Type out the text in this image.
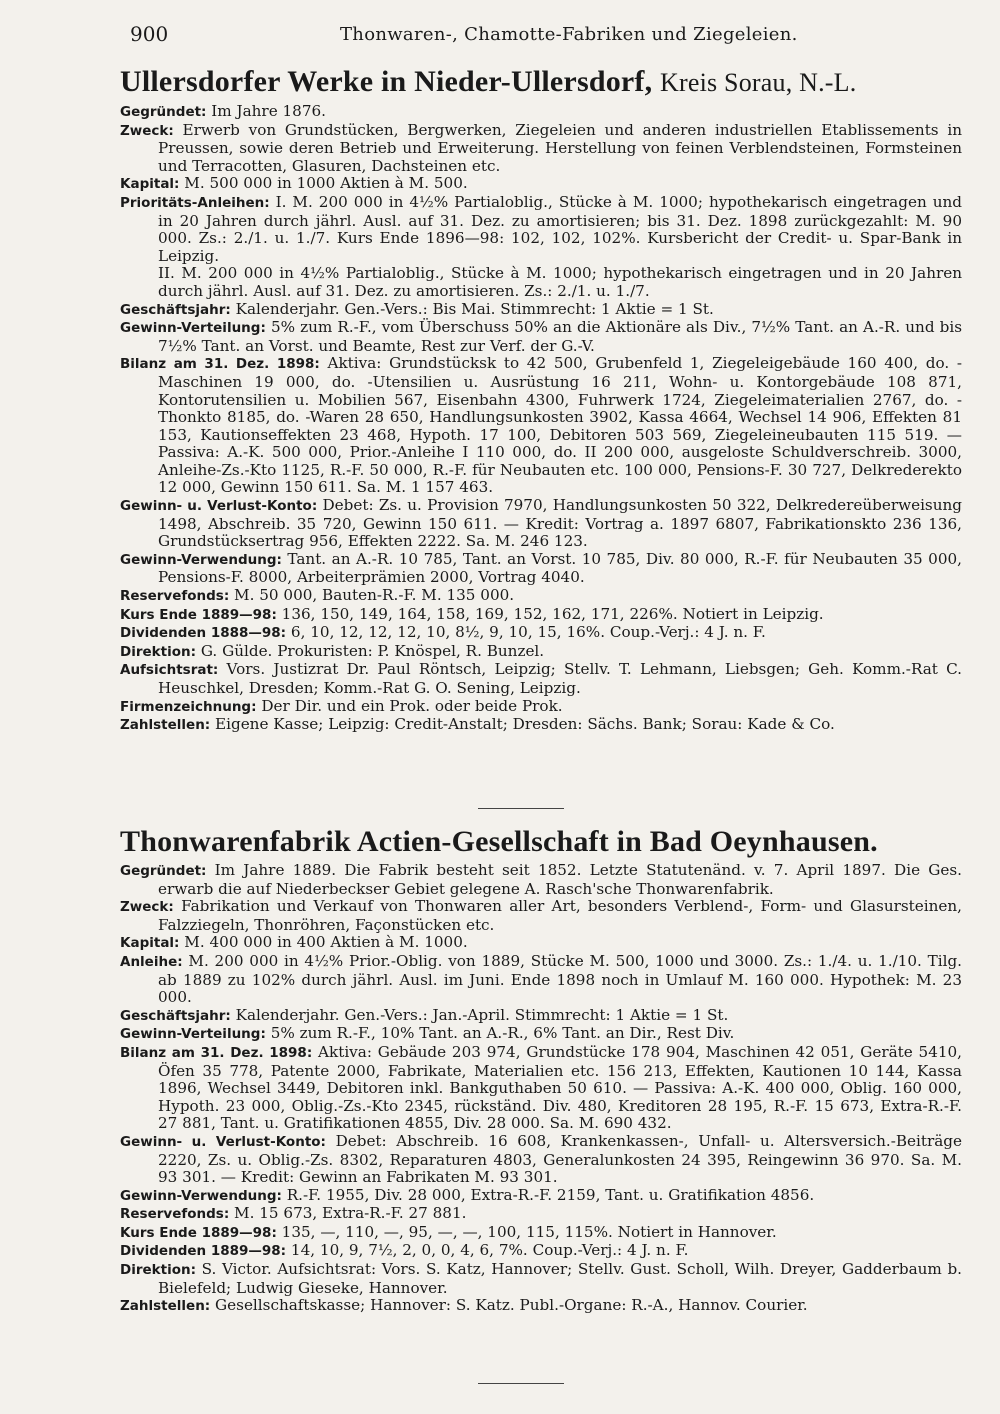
900	Thonwaren-, Chamotte-Fabriken und Ziegeleien.
Ullersdorfer Werke in Nieder-Ullersdorf, Kreis Sorau, N.-L.

Gegründet: Im Jahre 1876.

Zweck: Erwerb von Grundstücken, Bergwerken, Ziegeleien und anderen industriellen Etablissements in Preussen, sowie deren Betrieb und Erweiterung. Herstellung von feinen Verblendsteinen, Formsteinen und Terracotten, Glasuren, Dachsteinen etc.

Kapital: M. 500 000 in 1000 Aktien à M. 500.

Prioritäts-Anleihen: I. M. 200 000 in 4½% Partialoblig., Stücke à M. 1000; hypothekarisch eingetragen und in 20 Jahren durch jährl. Ausl. auf 31. Dez. zu amortisieren; bis 31. Dez. 1898 zurückgezahlt: M. 90 000. Zs.: 2./1. u. 1./7. Kurs Ende 1896—98: 102, 102, 102%. Kursbericht der Credit- u. Spar-Bank in Leipzig.

II. M. 200 000 in 4½% Partialoblig., Stücke à M. 1000; hypothekarisch eingetragen und in 20 Jahren durch jährl. Ausl. auf 31. Dez. zu amortisieren. Zs.: 2./1. u. 1./7.

Geschäftsjahr: Kalenderjahr. Gen.-Vers.: Bis Mai. Stimmrecht: 1 Aktie = 1 St.

Gewinn-Verteilung: 5% zum R.-F., vom Überschuss 50% an die Aktionäre als Div., 7½% Tant. an A.-R. und bis 7½% Tant. an Vorst. und Beamte, Rest zur Verf. der G.-V.

Bilanz am 31. Dez. 1898: Aktiva: Grundstücksk to 42 500, Grubenfeld 1, Ziegeleigebäude 160 400, do. -Maschinen 19 000, do. -Utensilien u. Ausrüstung 16 211, Wohn- u. Kontorgebäude 108 871, Kontorutensilien u. Mobilien 567, Eisenbahn 4300, Fuhrwerk 1724, Ziegeleimaterialien 2767, do. -Thonkto 8185, do. -Waren 28 650, Handlungsunkosten 3902, Kassa 4664, Wechsel 14 906, Effekten 81 153, Kautionseffekten 23 468, Hypoth. 17 100, Debitoren 503 569, Ziegeleineubauten 115 519. — Passiva: A.-K. 500 000, Prior.-Anleihe I 110 000, do. II 200 000, ausgeloste Schuldverschreib. 3000, Anleihe-Zs.-Kto 1125, R.-F. 50 000, R.-F. für Neubauten etc. 100 000, Pensions-F. 30 727, Delkrederekto 12 000, Gewinn 150 611. Sa. M. 1 157 463.

Gewinn- u. Verlust-Konto: Debet: Zs. u. Provision 7970, Handlungsunkosten 50 322, Delkredereüberweisung 1498, Abschreib. 35 720, Gewinn 150 611. — Kredit: Vortrag a. 1897 6807, Fabrikationskto 236 136, Grundstücksertrag 956, Effekten 2222. Sa. M. 246 123.

Gewinn-Verwendung: Tant. an A.-R. 10 785, Tant. an Vorst. 10 785, Div. 80 000, R.-F. für Neubauten 35 000, Pensions-F. 8000, Arbeiterprämien 2000, Vortrag 4040.

Reservefonds: M. 50 000, Bauten-R.-F. M. 135 000.

Kurs Ende 1889—98: 136, 150, 149, 164, 158, 169, 152, 162, 171, 226%. Notiert in Leipzig.

Dividenden 1888—98: 6, 10, 12, 12, 12, 10, 8½, 9, 10, 15, 16%. Coup.-Verj.: 4 J. n. F.

Direktion: G. Gülde. Prokuristen: P. Knöspel, R. Bunzel.

Aufsichtsrat: Vors. Justizrat Dr. Paul Röntsch, Leipzig; Stellv. T. Lehmann, Liebsgen; Geh. Komm.-Rat C. Heuschkel, Dresden; Komm.-Rat G. O. Sening, Leipzig.

Firmenzeichnung: Der Dir. und ein Prok. oder beide Prok.

Zahlstellen: Eigene Kasse; Leipzig: Credit-Anstalt; Dresden: Sächs. Bank; Sorau: Kade & Co.

Thonwarenfabrik Actien-Gesellschaft in Bad Oeynhausen.

Gegründet: Im Jahre 1889. Die Fabrik besteht seit 1852. Letzte Statutenänd. v. 7. April 1897. Die Ges. erwarb die auf Niederbeckser Gebiet gelegene A. Rasch'sche Thonwarenfabrik.

Zweck: Fabrikation und Verkauf von Thonwaren aller Art, besonders Verblend-, Form- und Glasursteinen, Falzziegeln, Thonröhren, Façonstücken etc.

Kapital: M. 400 000 in 400 Aktien à M. 1000.

Anleihe: M. 200 000 in 4½% Prior.-Oblig. von 1889, Stücke M. 500, 1000 und 3000. Zs.: 1./4. u. 1./10. Tilg. ab 1889 zu 102% durch jährl. Ausl. im Juni. Ende 1898 noch in Umlauf M. 160 000. Hypothek: M. 23 000.

Geschäftsjahr: Kalenderjahr. Gen.-Vers.: Jan.-April. Stimmrecht: 1 Aktie = 1 St.

Gewinn-Verteilung: 5% zum R.-F., 10% Tant. an A.-R., 6% Tant. an Dir., Rest Div.

Bilanz am 31. Dez. 1898: Aktiva: Gebäude 203 974, Grundstücke 178 904, Maschinen 42 051, Geräte 5410, Öfen 35 778, Patente 2000, Fabrikate, Materialien etc. 156 213, Effekten, Kautionen 10 144, Kassa 1896, Wechsel 3449, Debitoren inkl. Bankguthaben 50 610. — Passiva: A.-K. 400 000, Oblig. 160 000, Hypoth. 23 000, Oblig.-Zs.-Kto 2345, rückständ. Div. 480, Kreditoren 28 195, R.-F. 15 673, Extra-R.-F. 27 881, Tant. u. Gratifikationen 4855, Div. 28 000. Sa. M. 690 432.

Gewinn- u. Verlust-Konto: Debet: Abschreib. 16 608, Krankenkassen-, Unfall- u. Altersversich.-Beiträge 2220, Zs. u. Oblig.-Zs. 8302, Reparaturen 4803, Generalunkosten 24 395, Reingewinn 36 970. Sa. M. 93 301. — Kredit: Gewinn an Fabrikaten M. 93 301.

Gewinn-Verwendung: R.-F. 1955, Div. 28 000, Extra-R.-F. 2159, Tant. u. Gratifikation 4856.

Reservefonds: M. 15 673, Extra-R.-F. 27 881.

Kurs Ende 1889—98: 135, —, 110, —, 95, —, —, 100, 115, 115%. Notiert in Hannover.

Dividenden 1889—98: 14, 10, 9, 7½, 2, 0, 0, 4, 6, 7%. Coup.-Verj.: 4 J. n. F.

Direktion: S. Victor. Aufsichtsrat: Vors. S. Katz, Hannover; Stellv. Gust. Scholl, Wilh. Dreyer, Gadderbaum b. Bielefeld; Ludwig Gieseke, Hannover.

Zahlstellen: Gesellschaftskasse; Hannover: S. Katz. Publ.-Organe: R.-A., Hannov. Courier.
